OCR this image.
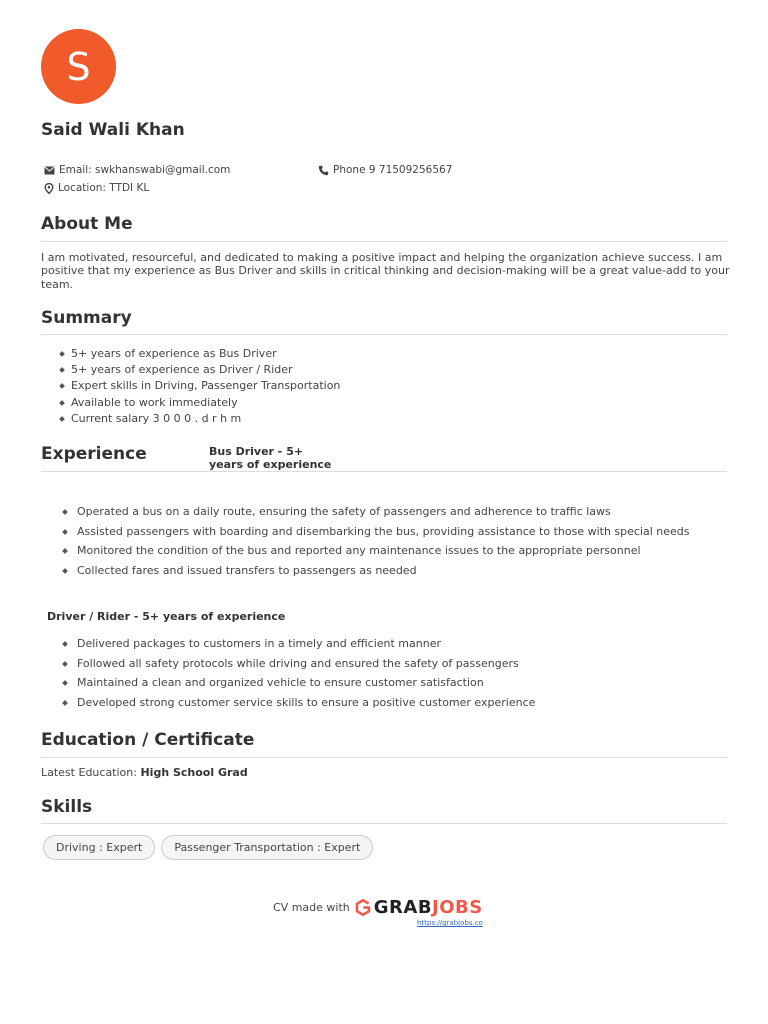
S
Said Wali Khan
Email:
swkhanswabi@gmail.com	Phone
9 71509256567
Location:
TTDI KL
About Me
I am motivated, resourceful, and dedicated to making a positive impact and helping the organization achieve success. I am positive that my experience as Bus Driver and skills in critical thinking and decision-making will be a great value-add to your team.
Summary
5+ years of experience as Bus Driver
5+ years of experience as Driver / Rider
Expert skills in Driving, Passenger Transportation
Available to work immediately
Current salary 3 0 0 0 . d r h m
Experience	Bus Driver - 5+
years of experience
Operated a bus on a daily route, ensuring the safety of passengers and adherence to traffic laws
Assisted passengers with boarding and disembarking the bus, providing assistance to those with special needs
Monitored the condition of the bus and reported any maintenance issues to the appropriate personnel
Collected fares and issued transfers to passengers as needed
Driver / Rider - 5+ years of experience
Delivered packages to customers in a timely and efficient manner
Followed all safety protocols while driving and ensured the safety of passengers
Maintained a clean and organized vehicle to ensure customer satisfaction
Developed strong customer service skills to ensure a positive customer experience
Education / Certificate
Latest Education: High School Grad
Skills
Driving : Expert	Passenger Transportation : Expert
CV made with GRAB JOBS
https://grabjobs.co
